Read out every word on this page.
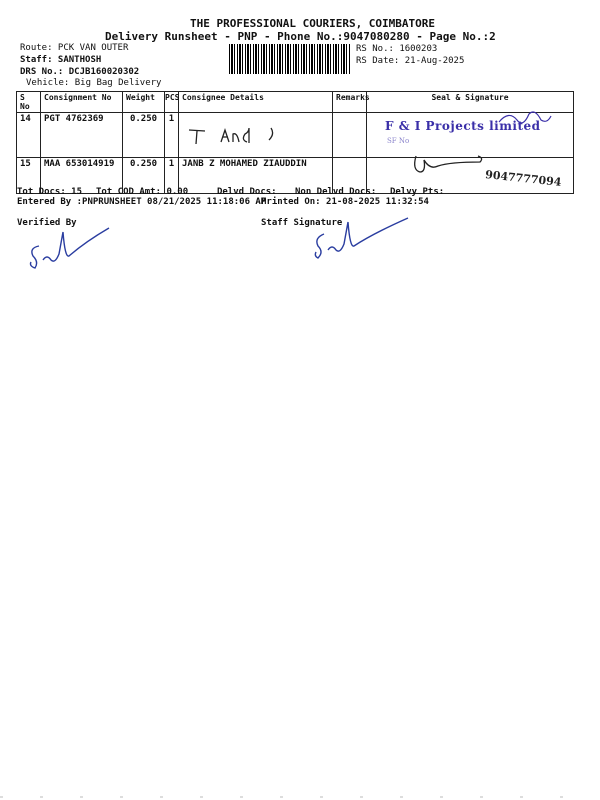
THE PROFESSIONAL COURIERS, COIMBATORE
Delivery Runsheet - PNP - Phone No.:9047080280 - Page No.:2
Route: PCK VAN OUTER
Staff: SANTHOSH
DRS No.: DCJB160020302
Vehicle: Big Bag Delivery
RS No.: 1600203
RS Date: 21-Aug-2025
S No	Consignment No	Weight	PCS	Consignee Details	Remarks	Seal & Signature
14	PGT 4762369	0.250	1			F & I Projects limited
SF No

15	MAA 653014919	0.250	1	JANB Z MOHAMED ZIAUDDIN		9047777094
Tot Docs: 15 Tot COD Amt: 0.00	Delvd Docs: Non Delvd Docs: Delvy Pts:
Entered By :PNPRUNSHEET 08/21/2025 11:18:06 AM
Printed On: 21-08-2025 11:32:54
Verified By	Staff Signature
